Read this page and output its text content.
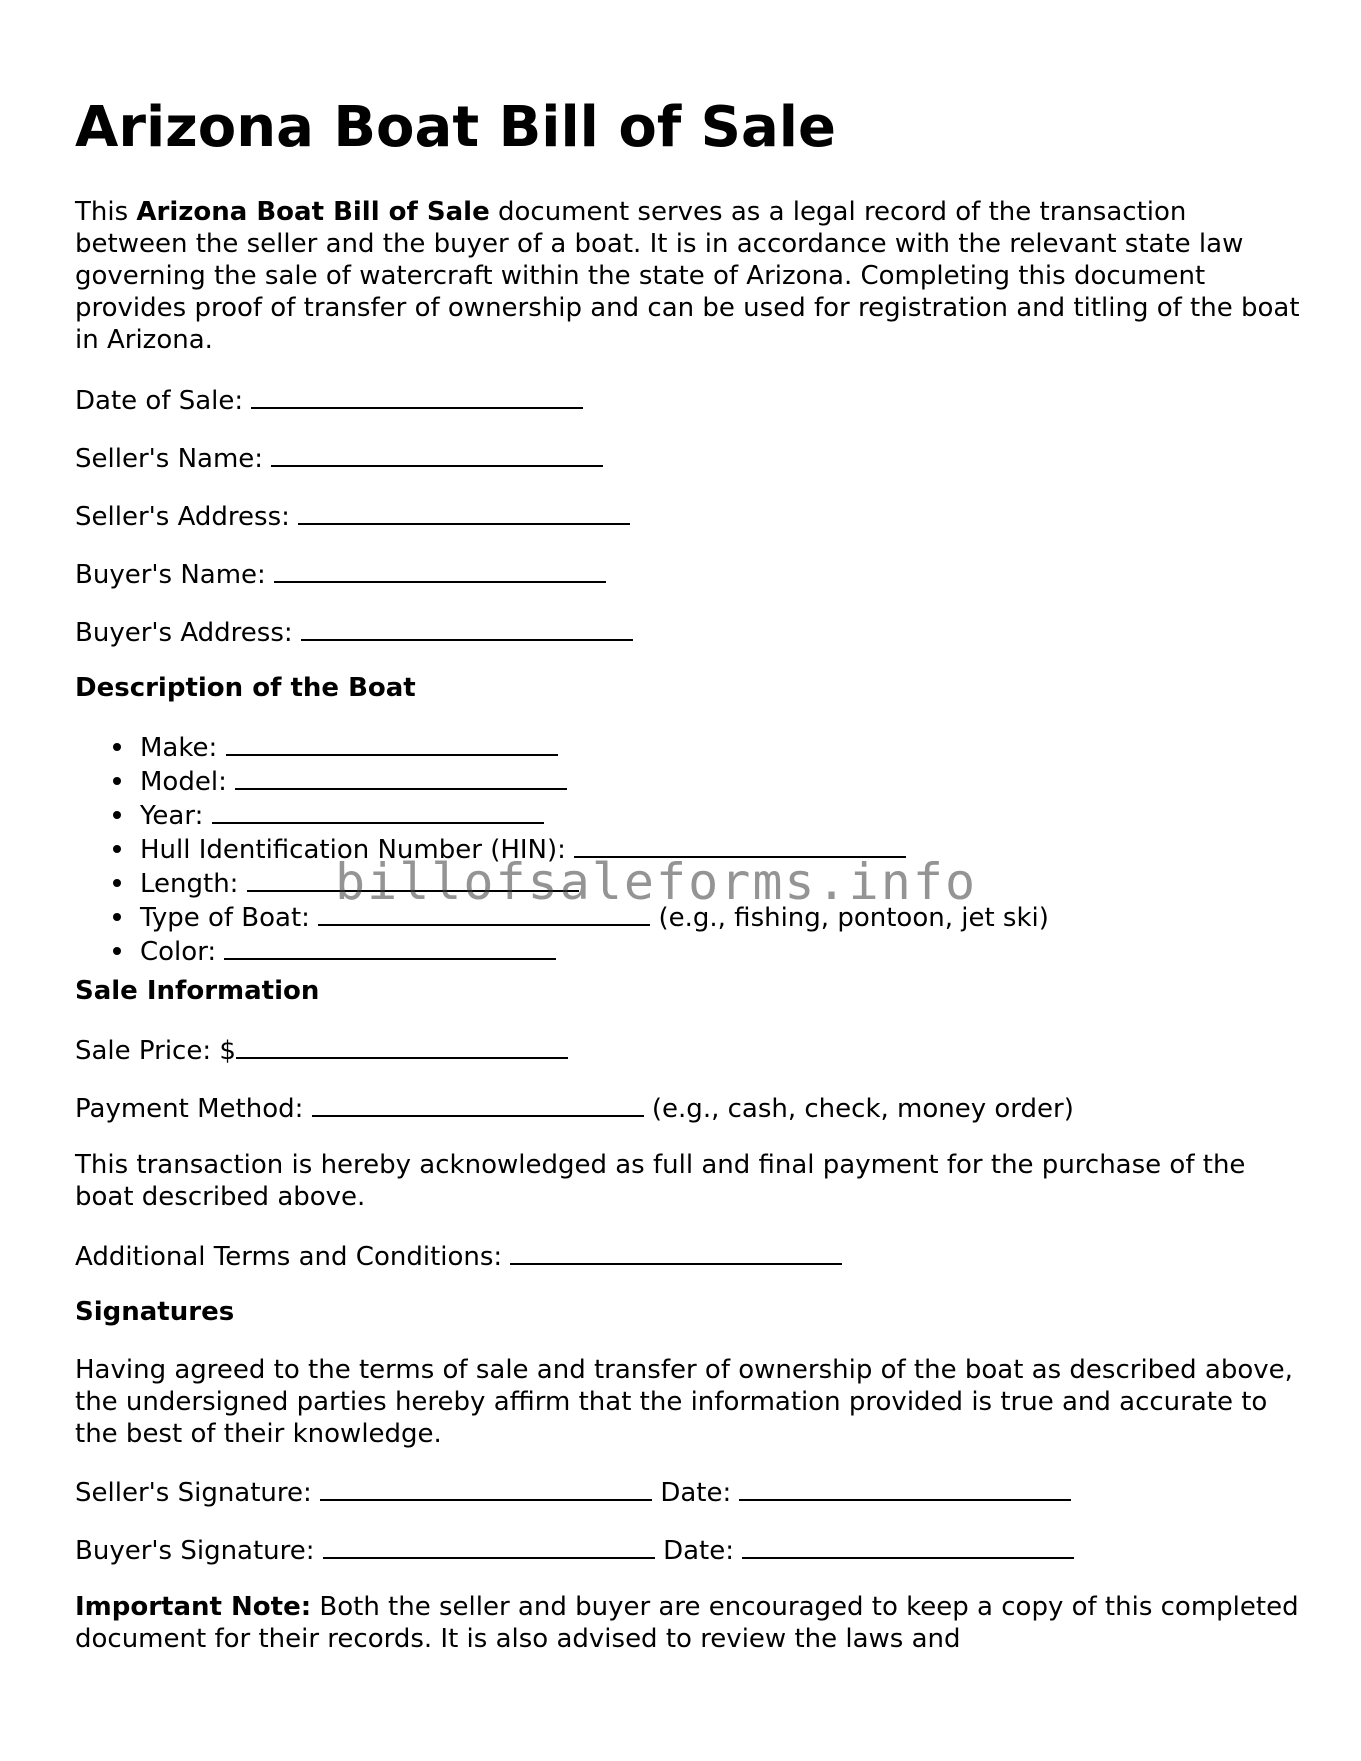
Arizona Boat Bill of Sale

This Arizona Boat Bill of Sale document serves as a legal record of the transaction between the seller and the buyer of a boat. It is in accordance with the relevant state law governing the sale of watercraft within the state of Arizona. Completing this document provides proof of transfer of ownership and can be used for registration and titling of the boat in Arizona.

Date of Sale:

Seller's Name:

Seller's Address:

Buyer's Name:

Buyer's Address:

Description of the Boat

Make:
Model:
Year:
Hull Identification Number (HIN):
Length:
Type of Boat:	(e.g., fishing, pontoon, jet ski)
Color:

Sale Information

Sale Price: $

Payment Method:	(e.g., cash, check, money order)

This transaction is hereby acknowledged as full and final payment for the purchase of the boat described above.

Additional Terms and Conditions:

Signatures

Having agreed to the terms of sale and transfer of ownership of the boat as described above, the undersigned parties hereby affirm that the information provided is true and accurate to the best of their knowledge.

Seller's Signature:	Date:

Buyer's Signature:	Date:

Important Note: Both the seller and buyer are encouraged to keep a copy of this completed document for their records. It is also advised to review the laws and

billofsaleforms.info
